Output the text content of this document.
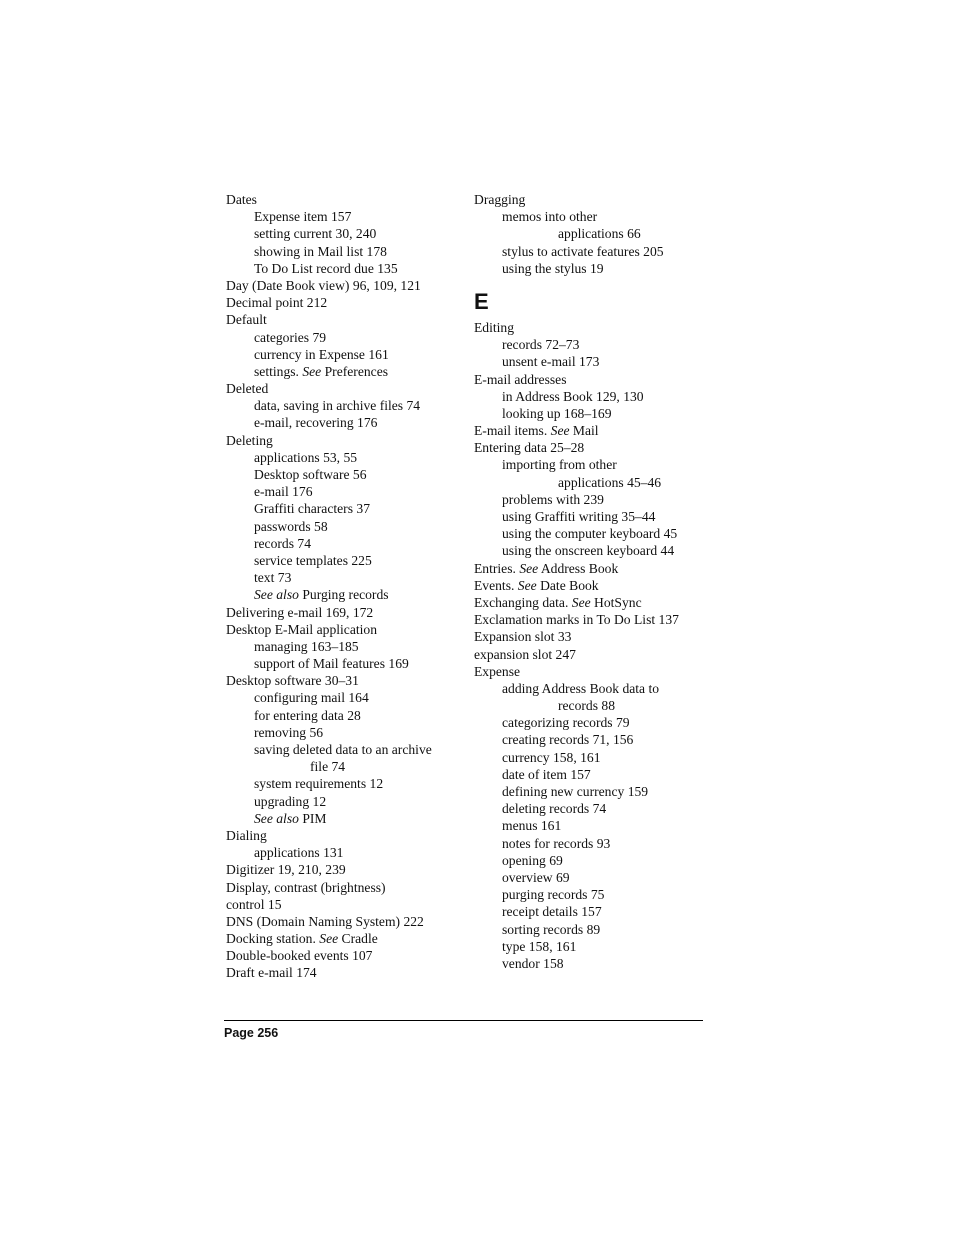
Dates
Expense item 157
setting current 30, 240
showing in Mail list 178
To Do List record due 135
Day (Date Book view) 96, 109, 121
Decimal point 212
Default
categories 79
currency in Expense 161
settings. See Preferences
Deleted
data, saving in archive files 74
e-mail, recovering 176
Deleting
applications 53, 55
Desktop software 56
e-mail 176
Graffiti characters 37
passwords 58
records 74
service templates 225
text 73
See also Purging records
Delivering e-mail 169, 172
Desktop E-Mail application
managing 163–185
support of Mail features 169
Desktop software 30–31
configuring mail 164
for entering data 28
removing 56
saving deleted data to an archive
file 74
system requirements 12
upgrading 12
See also PIM
Dialing
applications 131
Digitizer 19, 210, 239
Display, contrast (brightness)
control 15
DNS (Domain Naming System) 222
Docking station. See Cradle
Double-booked events 107
Draft e-mail 174
Dragging
memos into other
applications 66
stylus to activate features 205
using the stylus 19
E
Editing
records 72–73
unsent e-mail 173
E-mail addresses
in Address Book 129, 130
looking up 168–169
E-mail items. See Mail
Entering data 25–28
importing from other
applications 45–46
problems with 239
using Graffiti writing 35–44
using the computer keyboard 45
using the onscreen keyboard 44
Entries. See Address Book
Events. See Date Book
Exchanging data. See HotSync
Exclamation marks in To Do List 137
Expansion slot 33
expansion slot 247
Expense
adding Address Book data to
records 88
categorizing records 79
creating records 71, 156
currency 158, 161
date of item 157
defining new currency 159
deleting records 74
menus 161
notes for records 93
opening 69
overview 69
purging records 75
receipt details 157
sorting records 89
type 158, 161
vendor 158
Page 256
